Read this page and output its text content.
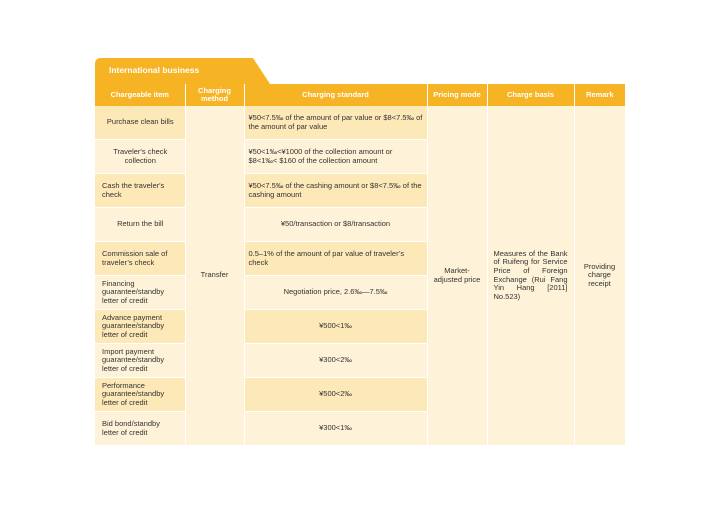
International business
Chargeable item	Charging method	Charging standard	Pricing mode	Charge basis	Remark
Purchase clean bills	Transfer	¥50<7.5‰ of the amount of par value or $8<7.5‰ of the amount of par value	Market-adjusted price	Measures of the Bank of Ruifeng for Service Price of Foreign Exchange (Rui Fang Yin Hang [2011] No.523)	Providing charge receipt
Traveler's check collection		¥50<1‰<¥1000 of the collection amount or $8<1‰< $160 of the collection amount			
Cash the traveler's check		¥50<7.5‰ of the cashing amount or $8<7.5‰ of the cashing amount			
Return the bill		¥50/transaction or $8/transaction			
Commission sale of traveler’s check		0.5–1% of the amount of par value of traveler’s check			
Financing guarantee/standby letter of credit		Negotiation price, 2.6‰—7.5‰			
Advance payment guarantee/standby letter of credit		¥500<1‰			
Import payment guarantee/standby letter of credit		¥300<2‰			
Performance guarantee/standby letter of credit		¥500<2‰			
Bid bond/standby letter of credit		¥300<1‰			
